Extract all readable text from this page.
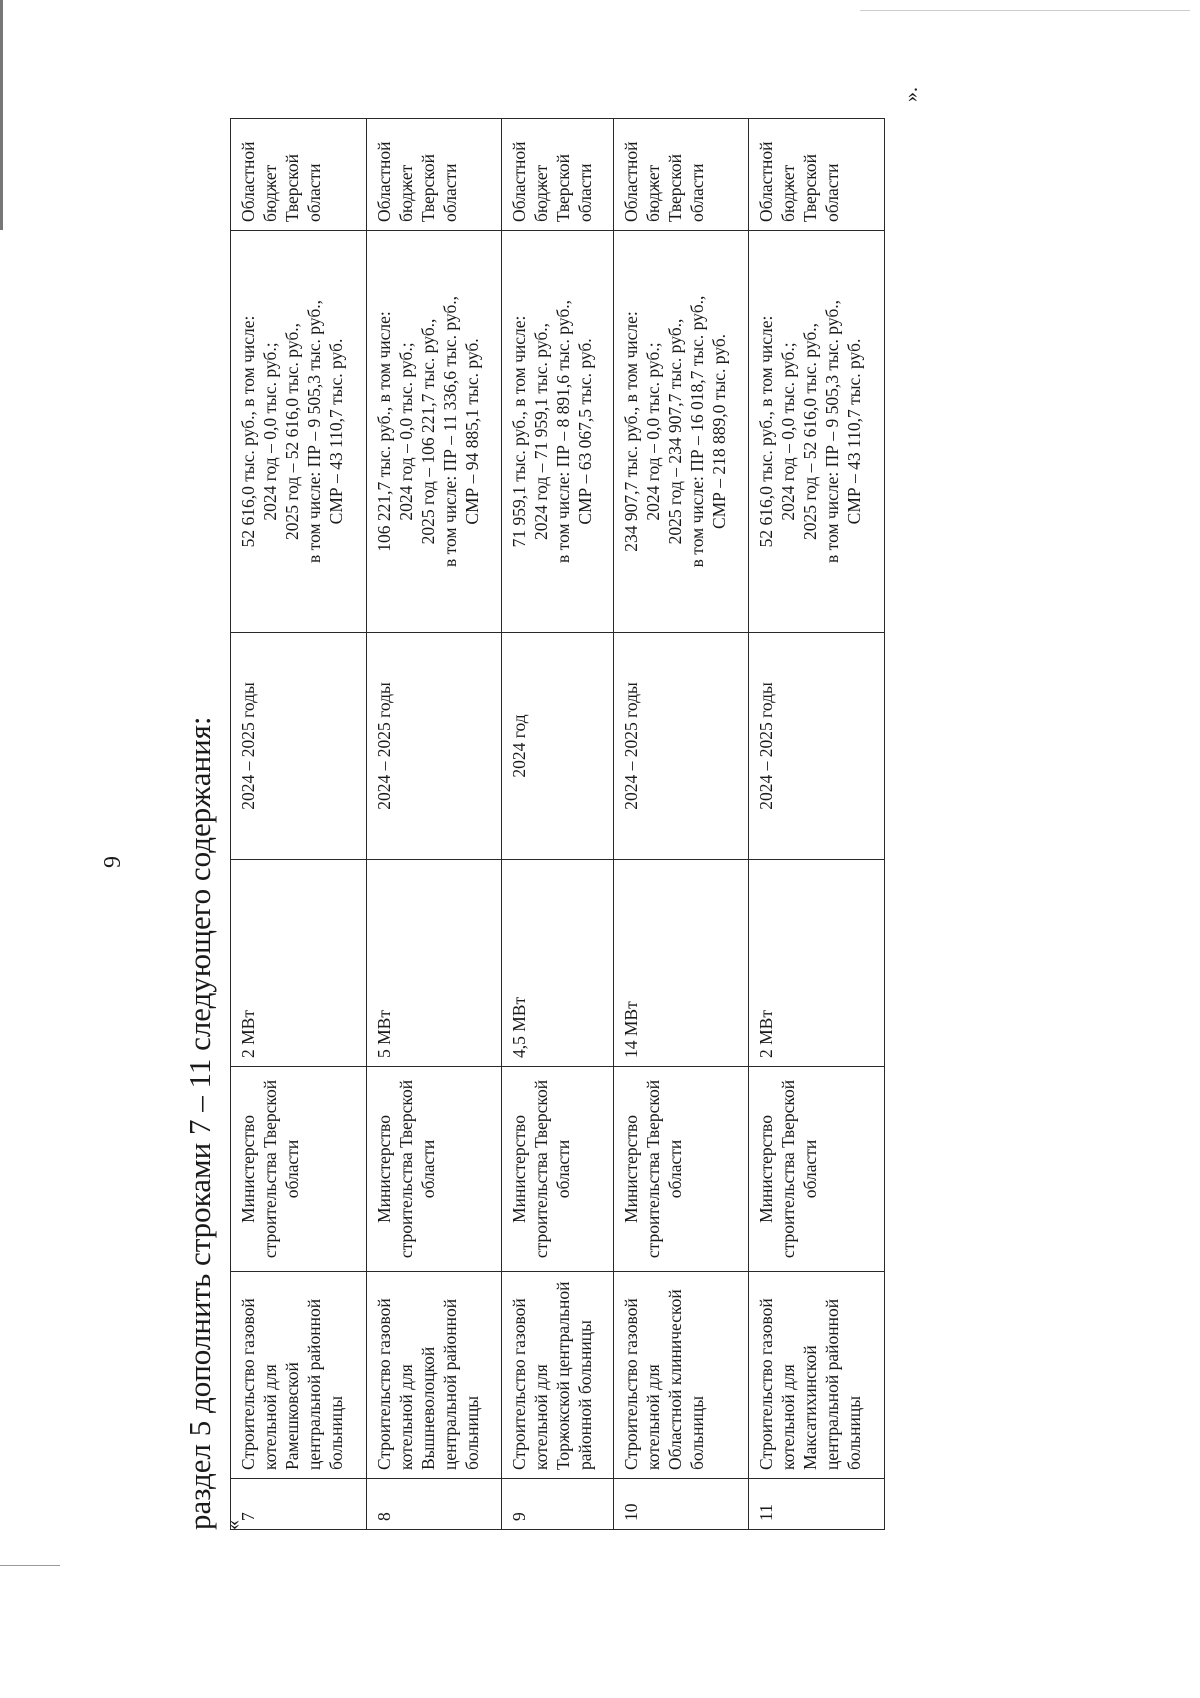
9 раздел 5 дополнить строками 7 – 11 следующего содержания: «
7	Строительство газовой котельной для Рамешковской центральной районной больницы	Министерство строительства Тверской области	2 МВт	2024 – 2025 годы	52 616,0 тыс. руб., в том числе: 2024 год – 0,0 тыс. руб.; 2025 год – 52 616,0 тыс. руб., в том числе: ПР – 9 505,3 тыс. руб., СМР – 43 110,7 тыс. руб.	Областной бюджет Тверской области
8	Строительство газовой котельной для Вышневолоцкой центральной районной больницы	Министерство строительства Тверской области	5 МВт	2024 – 2025 годы	106 221,7 тыс. руб., в том числе: 2024 год – 0,0 тыс. руб.; 2025 год – 106 221,7 тыс. руб., в том числе: ПР – 11 336,6 тыс. руб., СМР – 94 885,1 тыс. руб.	Областной бюджет Тверской области
9	Строительство газовой котельной для Торжокской центральной районной больницы	Министерство строительства Тверской области	4,5 МВт	2024 год	71 959,1 тыс. руб., в том числе: 2024 год – 71 959,1 тыс. руб., в том числе: ПР – 8 891,6 тыс. руб., СМР – 63 067,5 тыс. руб.	Областной бюджет Тверской области
10	Строительство газовой котельной для Областной клинической больницы	Министерство строительства Тверской области	14 МВт	2024 – 2025 годы	234 907,7 тыс. руб., в том числе: 2024 год – 0,0 тыс. руб.; 2025 год – 234 907,7 тыс. руб., в том числе: ПР – 16 018,7 тыс. руб., СМР – 218 889,0 тыс. руб.	Областной бюджет Тверской области
11	Строительство газовой котельной для Максатихинской центральной районной больницы	Министерство строительства Тверской области	2 МВт	2024 – 2025 годы	52 616,0 тыс. руб., в том числе: 2024 год – 0,0 тыс. руб.; 2025 год – 52 616,0 тыс. руб., в том числе: ПР – 9 505,3 тыс. руб., СМР – 43 110,7 тыс. руб.	Областной бюджет Тверской области
».
